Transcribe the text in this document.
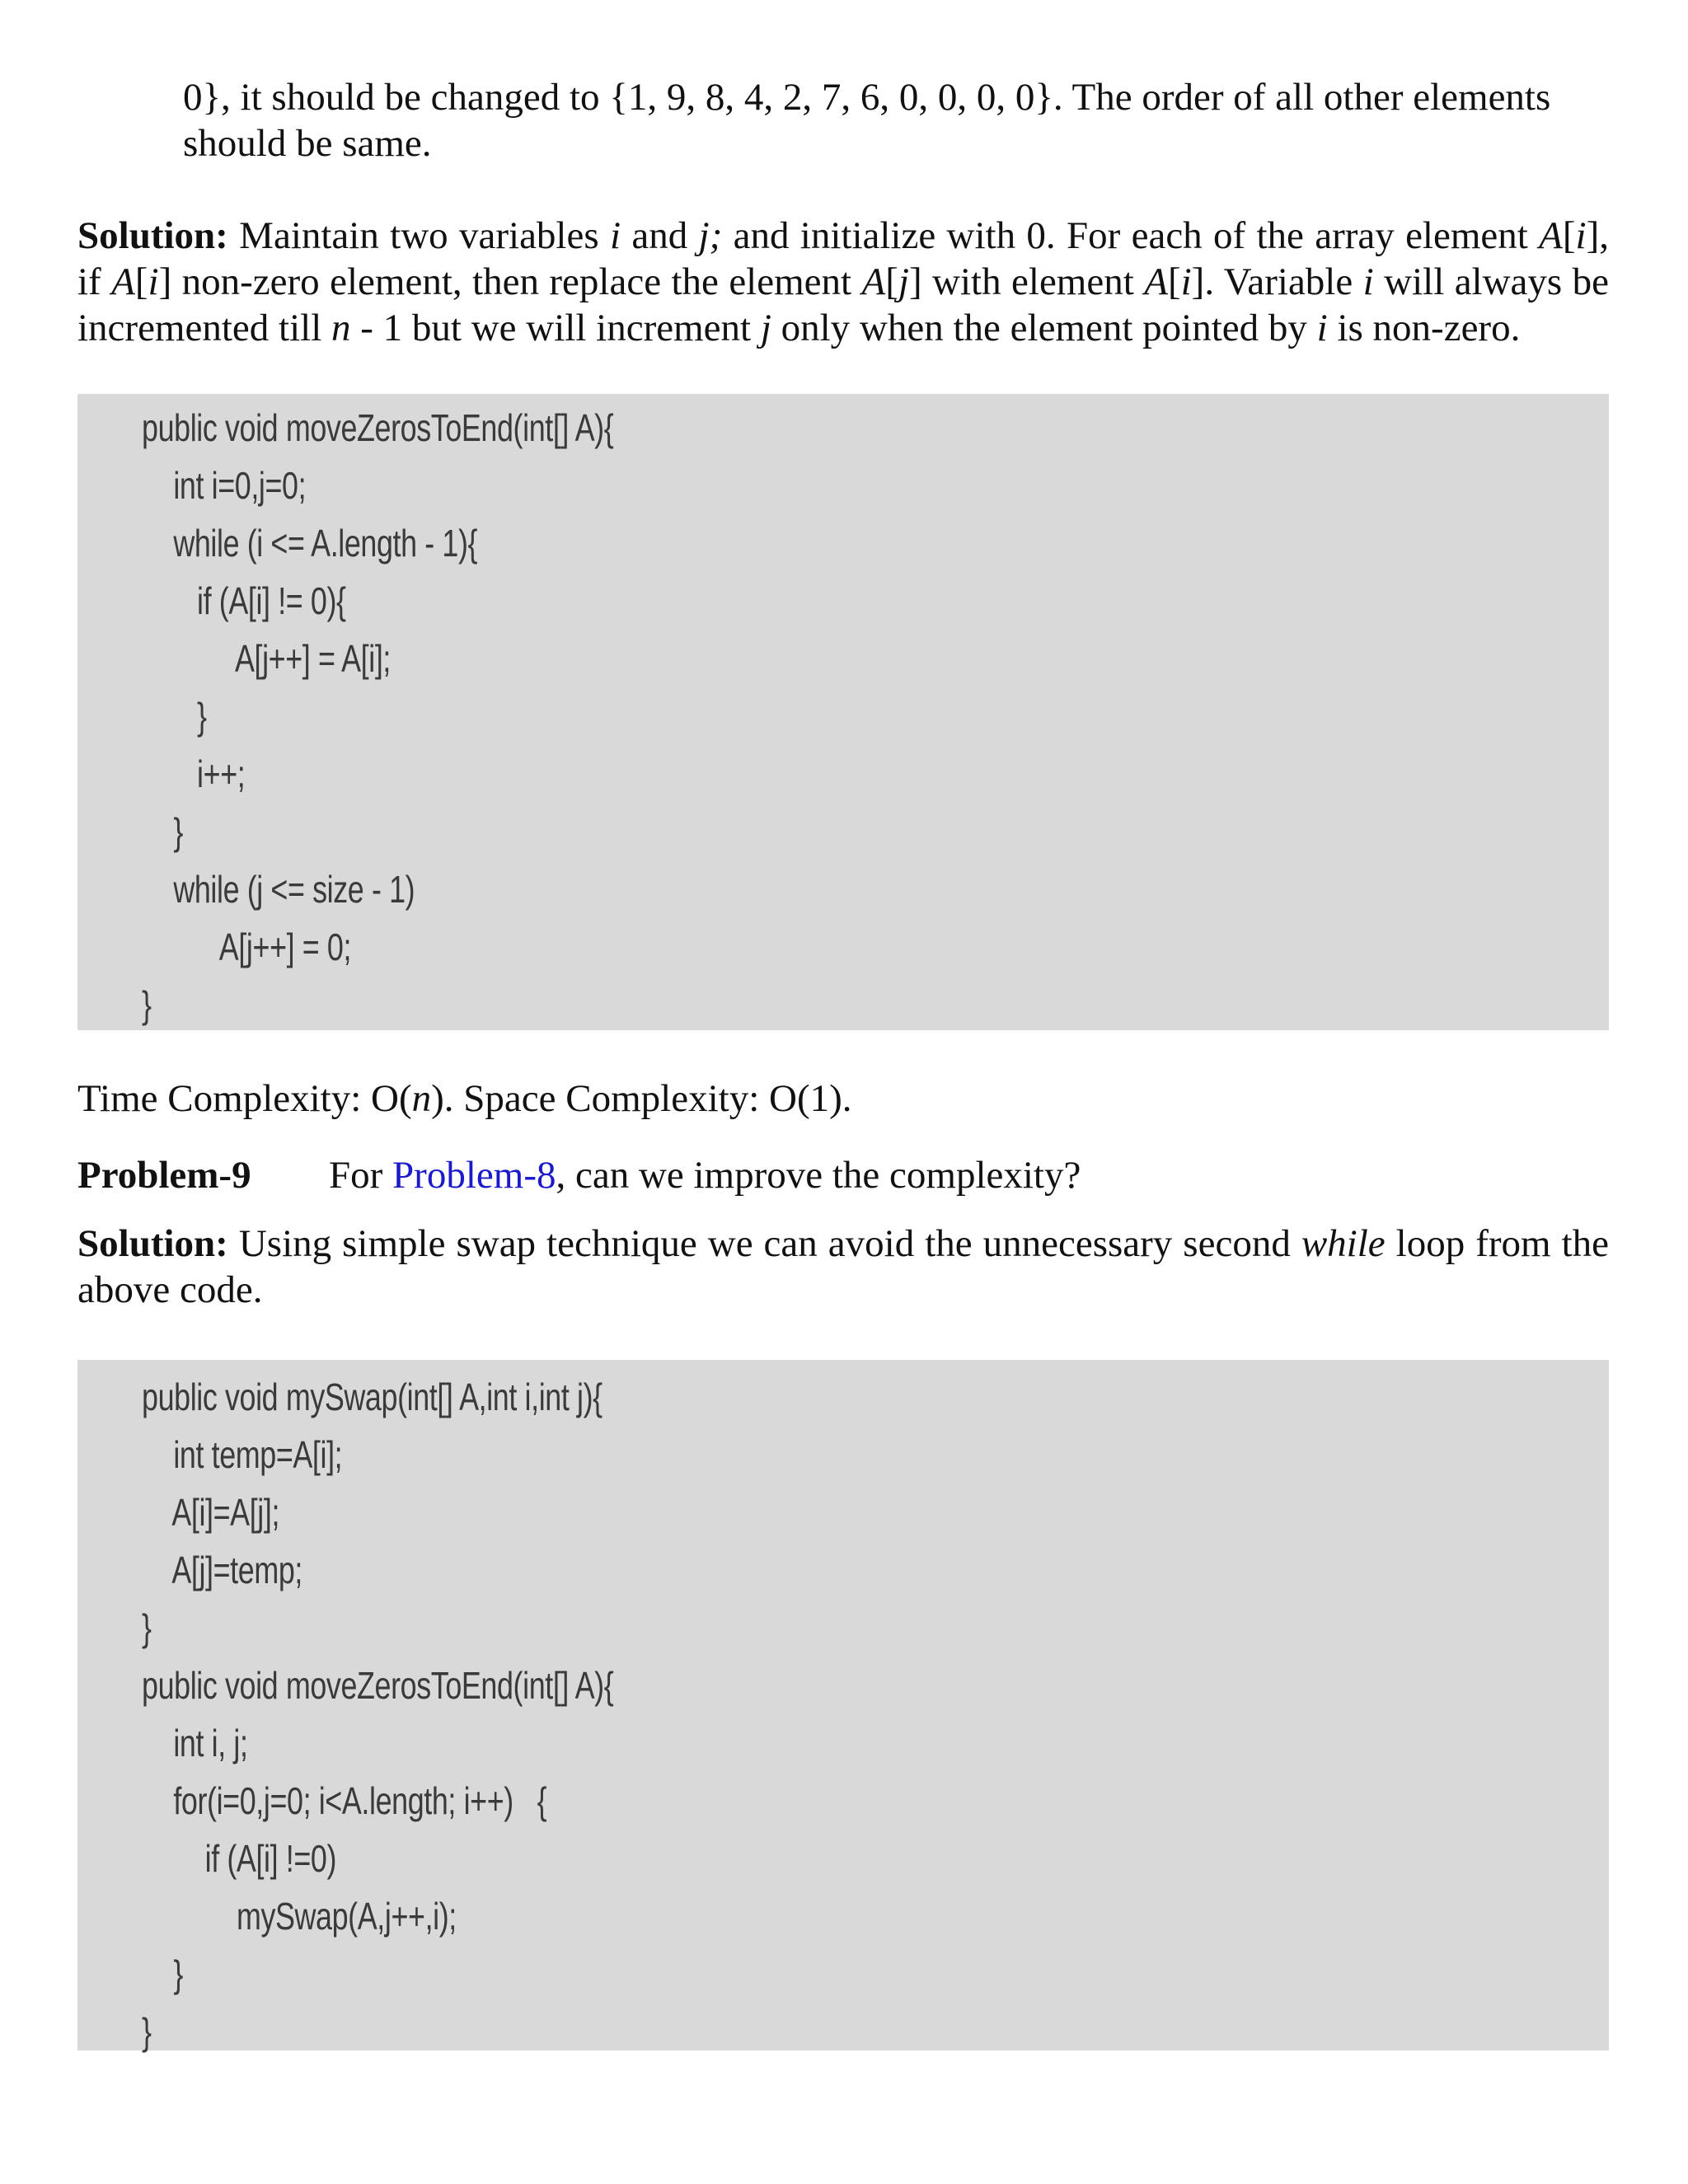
0}, it should be changed to {1, 9, 8, 4, 2, 7, 6, 0, 0, 0, 0}. The order of all other elements
should be same.
Solution: Maintain two variables i and j; and initialize with 0. For each of the array element A[i], if A[i] non-zero element, then replace the element A[j] with element A[i]. Variable i will always be incremented till n - 1 but we will increment j only when the element pointed by i is non-zero.
public void moveZerosToEnd(int[] A){
int i=0,j=0;
while (i <= A.length - 1){
if (A[i] != 0){
A[j++] = A[i];
}
i++;
}
while (j <= size - 1)
A[j++] = 0;
}
Time Complexity: O(n). Space Complexity: O(1).
Problem-9 For Problem-8, can we improve the complexity?
Solution: Using simple swap technique we can avoid the unnecessary second while loop from the above code.
public void mySwap(int[] A,int i,int j){
int temp=A[i];
A[i]=A[j];
A[j]=temp;
}
public void moveZerosToEnd(int[] A){
int i, j;
for(i=0,j=0; i<A.length; i++)   {
if (A[i] !=0)
mySwap(A,j++,i);
}
}
